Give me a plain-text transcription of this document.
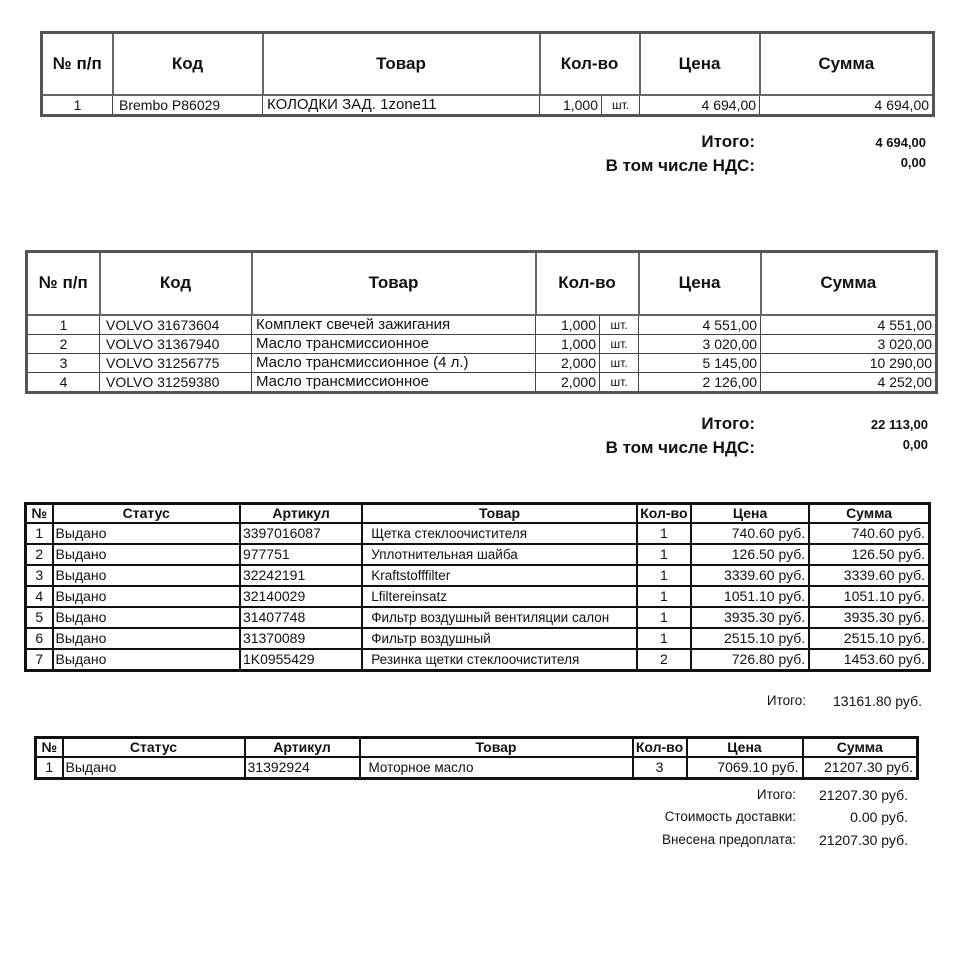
№ п/п	Код	Товар	Кол-во		Цена	Сумма
1	Brembo P86029	КОЛОДКИ ЗАД. 1zone11	1,000	шт.	4 694,00	4 694,00
Итого:	4 694,00
В том числе НДС:	0,00
№ п/п	Код	Товар	Кол-во		Цена	Сумма
1	VOLVO 31673604	Комплект свечей зажигания	1,000	шт.	4 551,00	4 551,00
2	VOLVO 31367940	Масло трансмиссионное	1,000	шт.	3 020,00	3 020,00
3	VOLVO 31256775	Масло трансмиссионное (4 л.)	2,000	шт.	5 145,00	10 290,00
4	VOLVO 31259380	Масло трансмиссионное	2,000	шт.	2 126,00	4 252,00
Итого:	22 113,00
В том числе НДС:	0,00
№	Статус	Артикул	Товар	Кол-во	Цена	Сумма
1	Выдано	3397016087	Щетка стеклоочистителя	1	740.60 руб.	740.60 руб.
2	Выдано	977751	Уплотнительная шайба	1	126.50 руб.	126.50 руб.
3	Выдано	32242191	Kraftstofffilter	1	3339.60 руб.	3339.60 руб.
4	Выдано	32140029	Lfiltereinsatz	1	1051.10 руб.	1051.10 руб.
5	Выдано	31407748	Фильтр воздушный вентиляции салон	1	3935.30 руб.	3935.30 руб.
6	Выдано	31370089	Фильтр воздушный	1	2515.10 руб.	2515.10 руб.
7	Выдано	1K0955429	Резинка щетки стеклоочистителя	2	726.80 руб.	1453.60 руб.
Итого:	13161.80 руб.
№	Статус	Артикул	Товар	Кол-во	Цена	Сумма
1	Выдано	31392924	Моторное масло	3	7069.10 руб.	21207.30 руб.
Итого:	21207.30 руб.
Стоимость доставки:	0.00 руб.
Внесена предоплата:	21207.30 руб.
